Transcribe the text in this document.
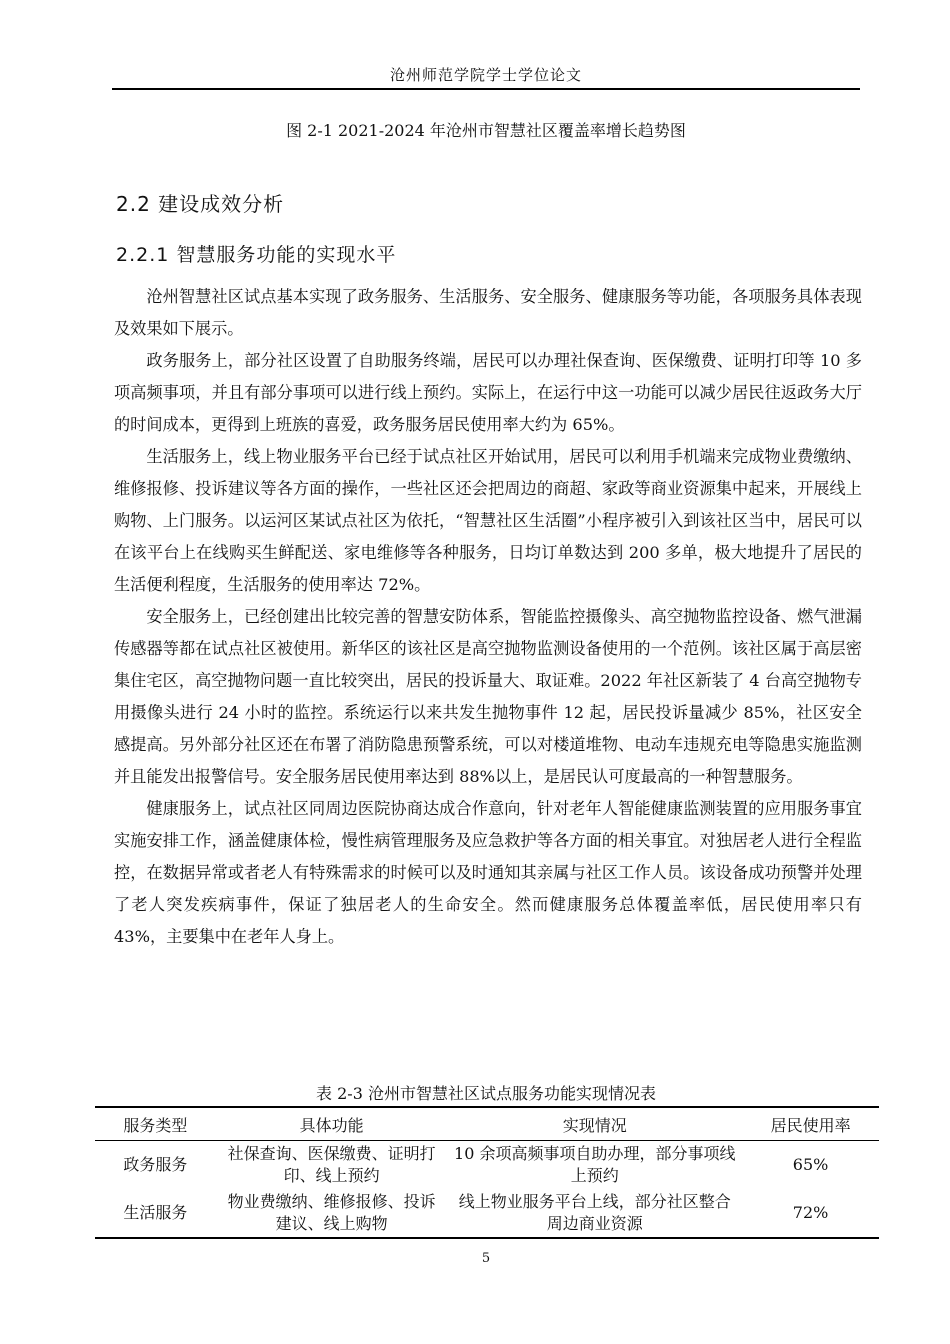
沧州师范学院学士学位论文
图 2-1 2021-2024 年沧州市智慧社区覆盖率增长趋势图
2.2 建设成效分析
2.2.1 智慧服务功能的实现水平

沧州智慧社区试点基本实现了政务服务、生活服务、安全服务、健康服务等功能，各项服务具体表现及效果如下展示。

政务服务上，部分社区设置了自助服务终端，居民可以办理社保查询、医保缴费、证明打印等 10 多项高频事项，并且有部分事项可以进行线上预约。实际上，在运行中这一功能可以减少居民往返政务大厅的时间成本，更得到上班族的喜爱，政务服务居民使用率大约为 65%。

生活服务上，线上物业服务平台已经于试点社区开始试用，居民可以利用手机端来完成物业费缴纳、维修报修、投诉建议等各方面的操作，一些社区还会把周边的商超、家政等商业资源集中起来，开展线上购物、上门服务。以运河区某试点社区为依托，“智慧社区生活圈”小程序被引入到该社区当中，居民可以在该平台上在线购买生鲜配送、家电维修等各种服务，日均订单数达到 200 多单，极大地提升了居民的生活便利程度，生活服务的使用率达 72%。

安全服务上，已经创建出比较完善的智慧安防体系，智能监控摄像头、高空抛物监控设备、燃气泄漏传感器等都在试点社区被使用。新华区的该社区是高空抛物监测设备使用的一个范例。该社区属于高层密集住宅区，高空抛物问题一直比较突出，居民的投诉量大、取证难。2022 年社区新装了 4 台高空抛物专用摄像头进行 24 小时的监控。系统运行以来共发生抛物事件 12 起，居民投诉量减少 85%，社区安全感提高。另外部分社区还在布署了消防隐患预警系统，可以对楼道堆物、电动车违规充电等隐患实施监测并且能发出报警信号。安全服务居民使用率达到 88%以上，是居民认可度最高的一种智慧服务。

健康服务上，试点社区同周边医院协商达成合作意向，针对老年人智能健康监测装置的应用服务事宜实施安排工作，涵盖健康体检，慢性病管理服务及应急救护等各方面的相关事宜。对独居老人进行全程监控，在数据异常或者老人有特殊需求的时候可以及时通知其亲属与社区工作人员。该设备成功预警并处理了老人突发疾病事件，保证了独居老人的生命安全。然而健康服务总体覆盖率低，居民使用率只有 43%，主要集中在老年人身上。

表 2-3 沧州市智慧社区试点服务功能实现情况表
服务类型	具体功能	实现情况	居民使用率
政务服务	社保查询、医保缴费、证明打印、线上预约	10 余项高频事项自助办理，部分事项线上预约	65%
生活服务	物业费缴纳、维修报修、投诉建议、线上购物	线上物业服务平台上线，部分社区整合周边商业资源	72%
5
